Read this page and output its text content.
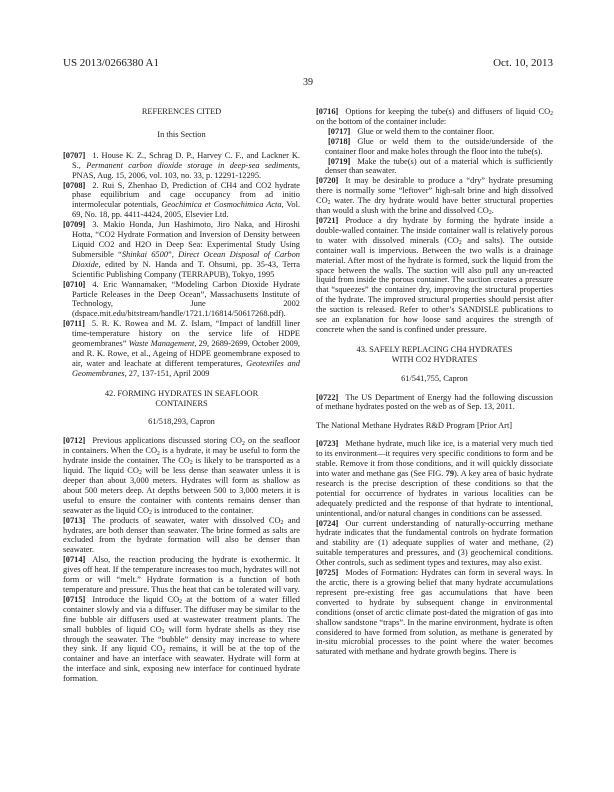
US 2013/0266380 A1	Oct. 10, 2013
39
REFERENCES CITED
In this Section
[0707] 1. House K. Z., Schrag D. P., Harvey C. F., and Lackner K. S., Permanent carbon dioxide storage in deep-sea sediments, PNAS, Aug. 15, 2006, vol. 103, no. 33, p. 12291-12295.
[0708] 2. Rui S, Zhenhao D, Prediction of CH4 and CO2 hydrate phase equilibrium and cage occupancy from ad initio intermolecular potentials, Geochimica et Cosmochimica Acta, Vol. 69, No. 18, pp. 4411-4424, 2005, Elsevier Ltd.
[0709] 3. Makio Honda, Jun Hashimoto, Jiro Naka, and Hiroshi Hotta, “CO2 Hydrate Formation and Inversion of Density between Liquid CO2 and H2O in Deep Sea: Experimental Study Using Submersible “Shinkai 6500”, Direct Ocean Disposal of Carbon Dioxide, edited by N. Handa and T. Ohsumi, pp. 35-43, Terra Scientific Publishing Company (TERRAPUB), Tokyo, 1995
[0710] 4. Eric Wannamaker, “Modeling Carbon Dioxide Hydrate Particle Releases in the Deep Ocean”, Massachusetts Institute of Technology, June 2002 (dspace.mit.edu/bitstream/handle/1721.1/16814/50617268.pdf).
[0711] 5. R. K. Rowea and M. Z. Islam, “Impact of landfill liner time-temperature history on the service life of HDPE geomembranes” Waste Management, 29, 2689-2699, October 2009, and R. K. Rowe, et al., Ageing of HDPE geomembrane exposed to air, water and leachate at different temperatures, Geotextiles and Geomembranes, 27, 137-151, April 2009
42. FORMING HYDRATES IN SEAFLOOR
CONTAINERS
61/518,293, Capron
[0712] Previous applications discussed storing $CO_2$ on the seafloor in containers. When the $CO_2$ is a hydrate, it may be useful to form the hydrate inside the container. The $CO_2$ is likely to be transported as a liquid. The liquid $CO_2$ will be less dense than seawater unless it is deeper than about 3,000 meters. Hydrates will form as shallow as about 500 meters deep. At depths between 500 to 3,000 meters it is useful to ensure the container with contents remains denser than seawater as the liquid $CO_2$ is introduced to the container.
[0713] The products of seawater, water with dissolved $CO_2$ and hydrates, are both denser than seawater. The brine formed as salts are excluded from the hydrate formation will also be denser than seawater.
[0714] Also, the reaction producing the hydrate is exothermic. It gives off heat. If the temperature increases too much, hydrates will not form or will “melt.” Hydrate formation is a function of both temperature and pressure. Thus the heat that can be tolerated will vary.
[0715] Introduce the liquid $CO_2$ at the bottom of a water filled container slowly and via a diffuser. The diffuser may be similar to the fine bubble air diffusers used at wastewater treatment plants. The small bubbles of liquid $CO_2$ will form hydrate shells as they rise through the seawater. The “bubble” density may increase to where they sink. If any liquid $CO_2$ remains, it will be at the top of the container and have an interface with seawater. Hydrate will form at the interface and sink, exposing new interface for continued hydrate formation.
[0716] Options for keeping the tube(s) and diffusers of liquid $CO_2$ on the bottom of the container include:
[0717] Glue or weld them to the container floor.
[0718] Glue or weld them to the outside/underside of the container floor and make holes through the floor into the tube(s).
[0719] Make the tube(s) out of a material which is sufficiently denser than seawater.
[0720] It may be desirable to produce a “dry” hydrate presuming there is normally some “leftover” high-salt brine and high dissolved $CO_2$ water. The dry hydrate would have better structural properties than would a slush with the brine and dissolved $CO_2$.
[0721] Produce a dry hydrate by forming the hydrate inside a double-walled container. The inside container wall is relatively porous to water with dissolved minerals ($CO_2$ and salts). The outside container wall is impervious. Between the two walls is a drainage material. After most of the hydrate is formed, suck the liquid from the space between the walls. The suction will also pull any un-reacted liquid from inside the porous container. The suction creates a pressure that “squeezes” the container dry, improving the structural properties of the hydrate. The improved structural properties should persist after the suction is released. Refer to other’s SANDISLE publications to see an explanation for how loose sand acquires the strength of concrete when the sand is confined under pressure.
43. SAFELY REPLACING CH4 HYDRATES
WITH CO2 HYDRATES
61/541,755, Capron
[0722] The US Department of Energy had the following discussion of methane hydrates posted on the web as of Sep. 13, 2011.
The National Methane Hydrates R&D Program [Prior Art]
[0723] Methane hydrate, much like ice, is a material very much tied to its environment—it requires very specific conditions to form and be stable. Remove it from those conditions, and it will quickly dissociate into water and methane gas (See FIG. 79). A key area of basic hydrate research is the precise description of these conditions so that the potential for occurrence of hydrates in various localities can be adequately predicted and the response of that hydrate to intentional, unintentional, and/or natural changes in conditions can be assessed.
[0724] Our current understanding of naturally-occurring methane hydrate indicates that the fundamental controls on hydrate formation and stability are (1) adequate supplies of water and methane, (2) suitable temperatures and pressures, and (3) geochemical conditions. Other controls, such as sediment types and textures, may also exist.
[0725] Modes of Formation: Hydrates can form in several ways. In the arctic, there is a growing belief that many hydrate accumulations represent pre-existing free gas accumulations that have been converted to hydrate by subsequent change in environmental conditions (onset of arctic climate post-dated the migration of gas into shallow sandstone “traps”. In the marine environment, hydrate is often considered to have formed from solution, as methane is generated by in-situ microbial processes to the point where the water becomes saturated with methane and hydrate growth begins. There is
